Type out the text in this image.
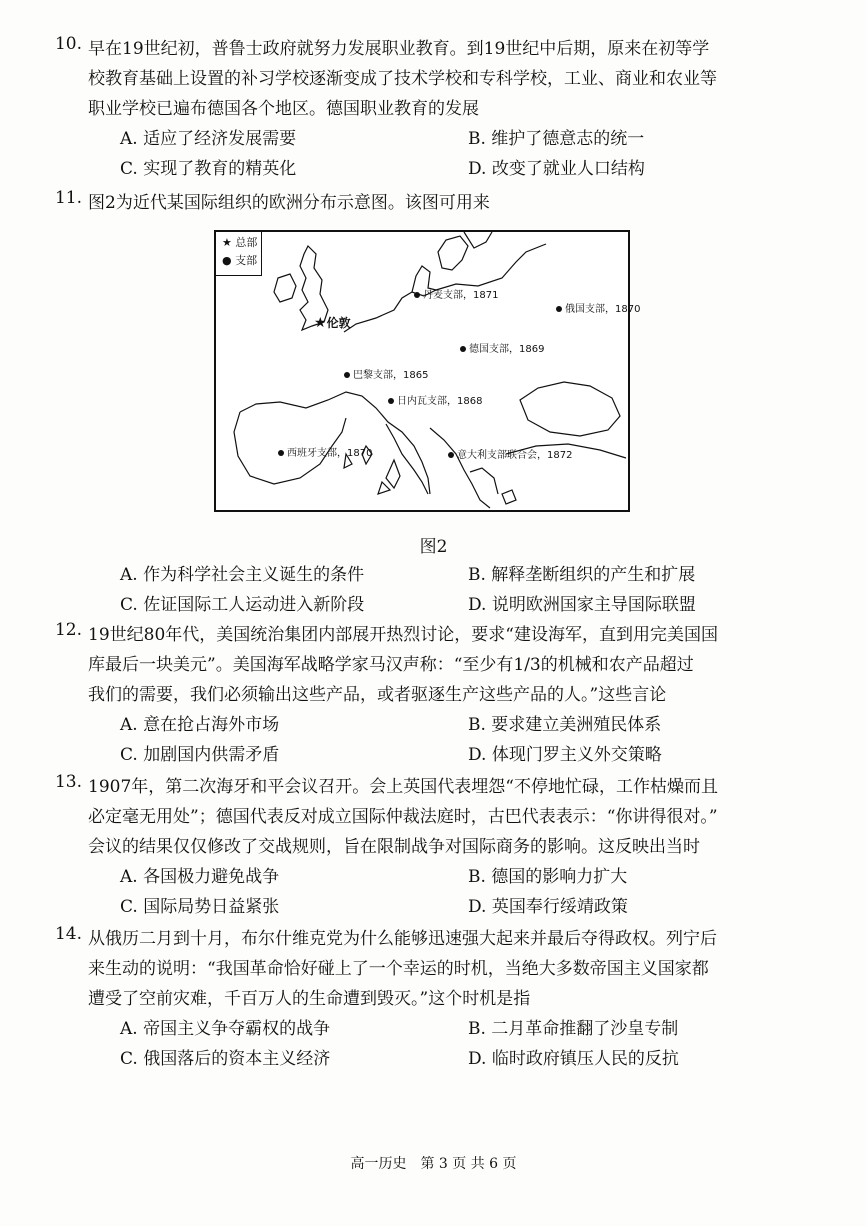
10. 早在19世纪初，普鲁士政府就努力发展职业教育。到19世纪中后期，原来在初等学
校教育基础上设置的补习学校逐渐变成了技术学校和专科学校，工业、商业和农业等
职业学校已遍布德国各个地区。德国职业教育的发展
A. 适应了经济发展需要	B. 维护了德意志的统一
C. 实现了教育的精英化	D. 改变了就业人口结构
11. 图2为近代某国际组织的欧洲分布示意图。该图可用来
★ 总部
● 支部
★伦敦
丹麦支部，1871
俄国支部，1870
德国支部，1869
巴黎支部，1865
日内瓦支部，1868
西班牙支部，1870	意大利支部联合会，1872
图2
A. 作为科学社会主义诞生的条件	B. 解释垄断组织的产生和扩展
C. 佐证国际工人运动进入新阶段	D. 说明欧洲国家主导国际联盟
12. 19世纪80年代，美国统治集团内部展开热烈讨论，要求“建设海军，直到用完美国国
库最后一块美元”。美国海军战略学家马汉声称：“至少有1/3的机械和农产品超过
我们的需要，我们必须输出这些产品，或者驱逐生产这些产品的人。”这些言论
A. 意在抢占海外市场	B. 要求建立美洲殖民体系
C. 加剧国内供需矛盾	D. 体现门罗主义外交策略
13. 1907年，第二次海牙和平会议召开。会上英国代表埋怨“不停地忙碌，工作枯燥而且
必定毫无用处”；德国代表反对成立国际仲裁法庭时，古巴代表表示：“你讲得很对。”
会议的结果仅仅修改了交战规则，旨在限制战争对国际商务的影响。这反映出当时
A. 各国极力避免战争	B. 德国的影响力扩大
C. 国际局势日益紧张	D. 英国奉行绥靖政策
14. 从俄历二月到十月，布尔什维克党为什么能够迅速强大起来并最后夺得政权。列宁后
来生动的说明：“我国革命恰好碰上了一个幸运的时机，当绝大多数帝国主义国家都
遭受了空前灾难，千百万人的生命遭到毁灭。”这个时机是指
A. 帝国主义争夺霸权的战争	B. 二月革命推翻了沙皇专制
C. 俄国落后的资本主义经济	D. 临时政府镇压人民的反抗
高一历史　第 3 页 共 6 页
